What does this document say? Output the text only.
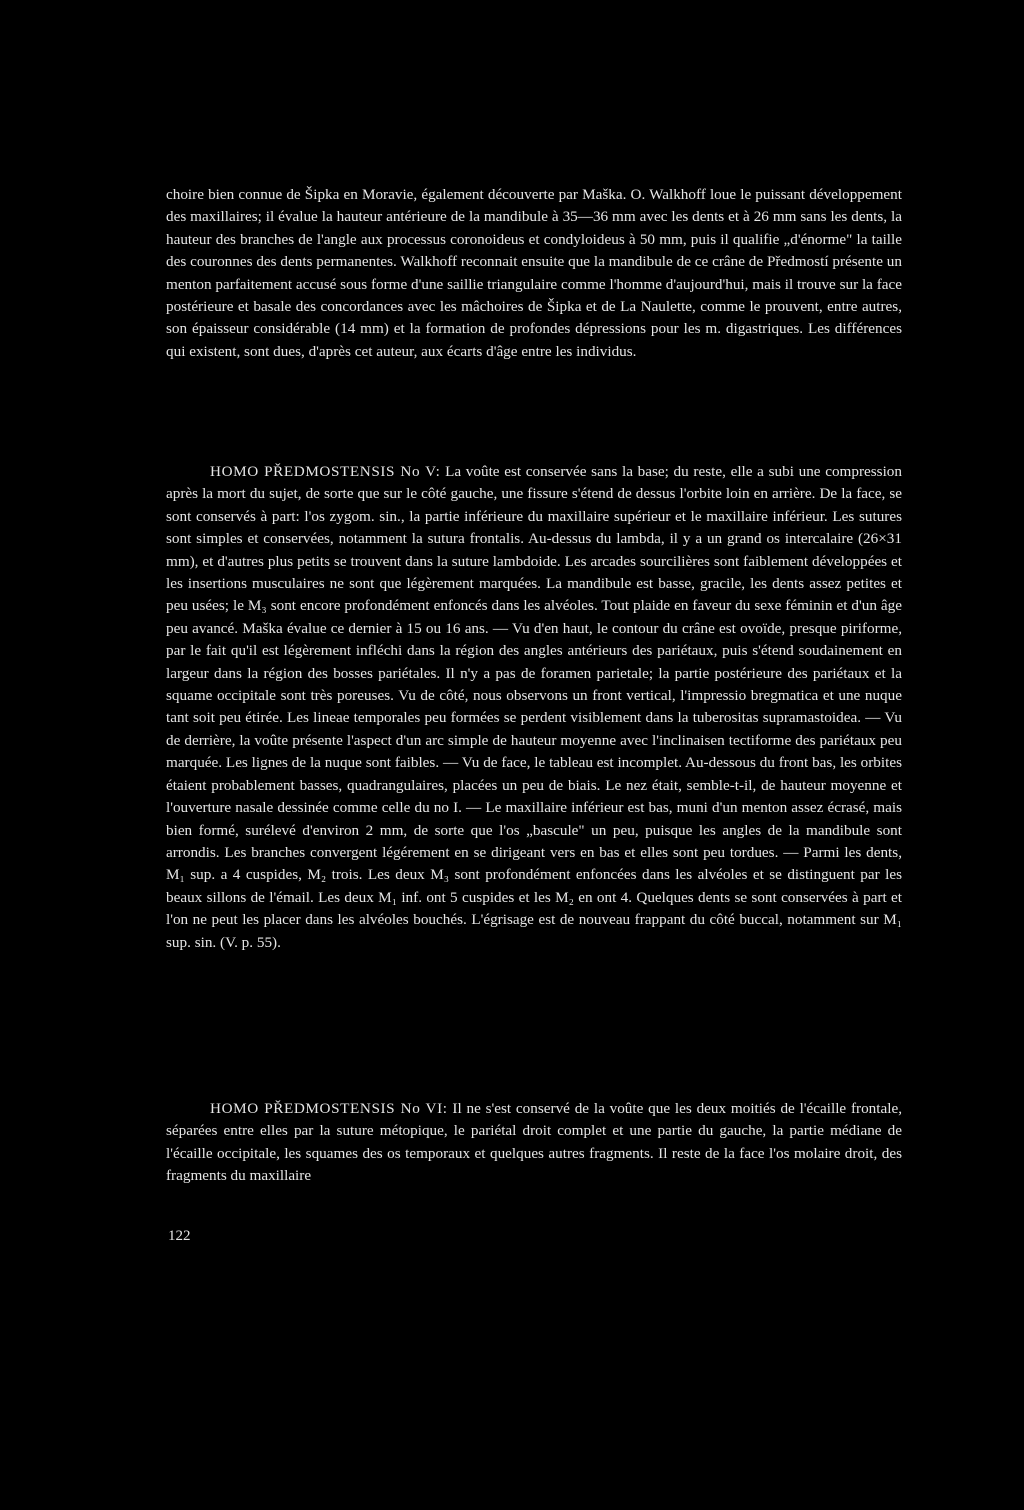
choire bien connue de Šipka en Moravie, également découverte par Maška. O. Walkhoff loue le puissant développement des maxillaires; il évalue la hauteur antérieure de la mandibule à 35—36 mm avec les dents et à 26 mm sans les dents, la hauteur des branches de l'angle aux processus coronoideus et condyloideus à 50 mm, puis il qualifie „d'énorme" la taille des couronnes des dents permanentes. Walkhoff reconnait ensuite que la mandibule de ce crâne de Předmostí présente un menton parfaitement accusé sous forme d'une saillie triangulaire comme l'homme d'aujourd'hui, mais il trouve sur la face postérieure et basale des concordances avec les mâchoires de Šipka et de La Naulette, comme le prouvent, entre autres, son épaisseur considérable (14 mm) et la formation de profondes dépressions pour les m. digastriques. Les différences qui existent, sont dues, d'après cet auteur, aux écarts d'âge entre les individus.

HOMO PŘEDMOSTENSIS No V: La voûte est conservée sans la base; du reste, elle a subi une compression après la mort du sujet, de sorte que sur le côté gauche, une fissure s'étend de dessus l'orbite loin en arrière. De la face, se sont conservés à part: l'os zygom. sin., la partie inférieure du maxillaire supérieur et le maxillaire inférieur. Les sutures sont simples et conservées, notamment la sutura frontalis. Au-dessus du lambda, il y a un grand os intercalaire (26×31 mm), et d'autres plus petits se trouvent dans la suture lambdoide. Les arcades sourcilières sont faiblement développées et les insertions musculaires ne sont que légèrement marquées. La mandibule est basse, gracile, les dents assez petites et peu usées; le M₃ sont encore profondément enfoncés dans les alvéoles. Tout plaide en faveur du sexe féminin et d'un âge peu avancé. Maška évalue ce dernier à 15 ou 16 ans. — Vu d'en haut, le contour du crâne est ovoïde, presque piriforme, par le fait qu'il est légèrement infléchi dans la région des angles antérieurs des pariétaux, puis s'étend soudainement en largeur dans la région des bosses pariétales. Il n'y a pas de foramen parietale; la partie postérieure des pariétaux et la squame occipitale sont très poreuses. Vu de côté, nous observons un front vertical, l'impressio bregmatica et une nuque tant soit peu étirée. Les lineae temporales peu formées se perdent visiblement dans la tuberositas supramastoidea. — Vu de derrière, la voûte présente l'aspect d'un arc simple de hauteur moyenne avec l'inclinaisen tectiforme des pariétaux peu marquée. Les lignes de la nuque sont faibles. — Vu de face, le tableau est incomplet. Au-dessous du front bas, les orbites étaient probablement basses, quadrangulaires, placées un peu de biais. Le nez était, semble-t-il, de hauteur moyenne et l'ouverture nasale dessinée comme celle du no I. — Le maxillaire inférieur est bas, muni d'un menton assez écrasé, mais bien formé, surélevé d'environ 2 mm, de sorte que l'os „bascule" un peu, puisque les angles de la mandibule sont arrondis. Les branches convergent légérement en se dirigeant vers en bas et elles sont peu tordues. — Parmi les dents, M₁ sup. a 4 cuspides, M₂ trois. Les deux M₃ sont profondément enfoncées dans les alvéoles et se distinguent par les beaux sillons de l'émail. Les deux M₁ inf. ont 5 cuspides et les M₂ en ont 4. Quelques dents se sont conservées à part et l'on ne peut les placer dans les alvéoles bouchés. L'égrisage est de nouveau frappant du côté buccal, notamment sur M₁ sup. sin. (V. p. 55).

HOMO PŘEDMOSTENSIS No VI: Il ne s'est conservé de la voûte que les deux moitiés de l'écaille frontale, séparées entre elles par la suture métopique, le pariétal droit complet et une partie du gauche, la partie médiane de l'écaille occipitale, les squames des os temporaux et quelques autres fragments. Il reste de la face l'os molaire droit, des fragments du maxillaire

122
